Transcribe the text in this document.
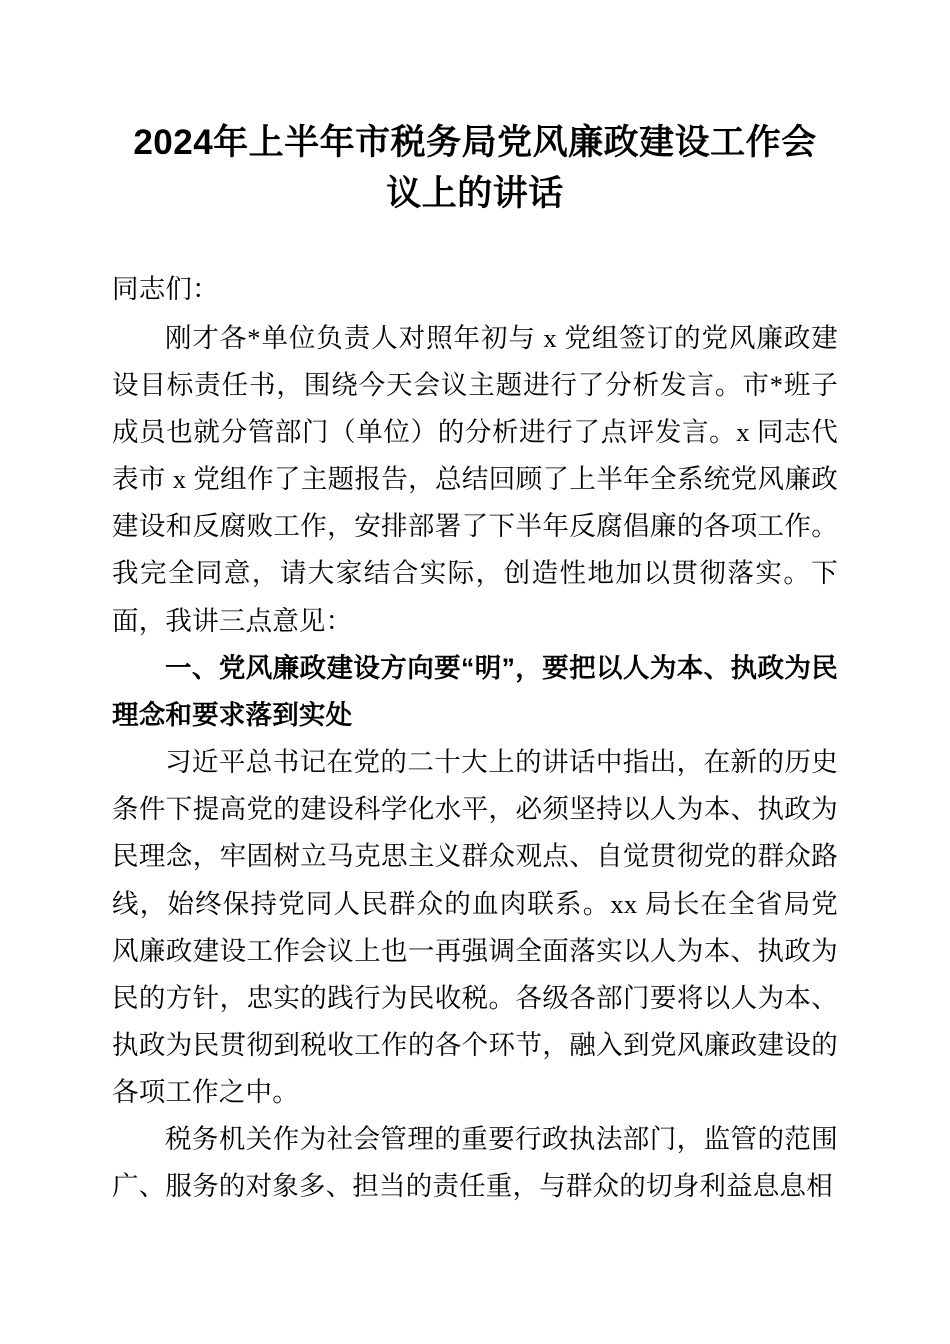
2024年上半年市税务局党风廉政建设工作会议上的讲话
同志们：

刚才各*单位负责人对照年初与 x 党组签订的党风廉政建设目标责任书，围绕今天会议主题进行了分析发言。市*班子成员也就分管部门（单位）的分析进行了点评发言。x 同志代表市 x 党组作了主题报告，总结回顾了上半年全系统党风廉政建设和反腐败工作，安排部署了下半年反腐倡廉的各项工作。我完全同意，请大家结合实际，创造性地加以贯彻落实。下面，我讲三点意见：

一、党风廉政建设方向要“明”，要把以人为本、执政为民理念和要求落到实处

习近平总书记在党的二十大上的讲话中指出，在新的历史条件下提高党的建设科学化水平，必须坚持以人为本、执政为民理念，牢固树立马克思主义群众观点、自觉贯彻党的群众路线，始终保持党同人民群众的血肉联系。xx 局长在全省局党风廉政建设工作会议上也一再强调全面落实以人为本、执政为民的方针，忠实的践行为民收税。各级各部门要将以人为本、执政为民贯彻到税收工作的各个环节，融入到党风廉政建设的各项工作之中。

税务机关作为社会管理的重要行政执法部门，监管的范围广、服务的对象多、担当的责任重，与群众的切身利益息息相
